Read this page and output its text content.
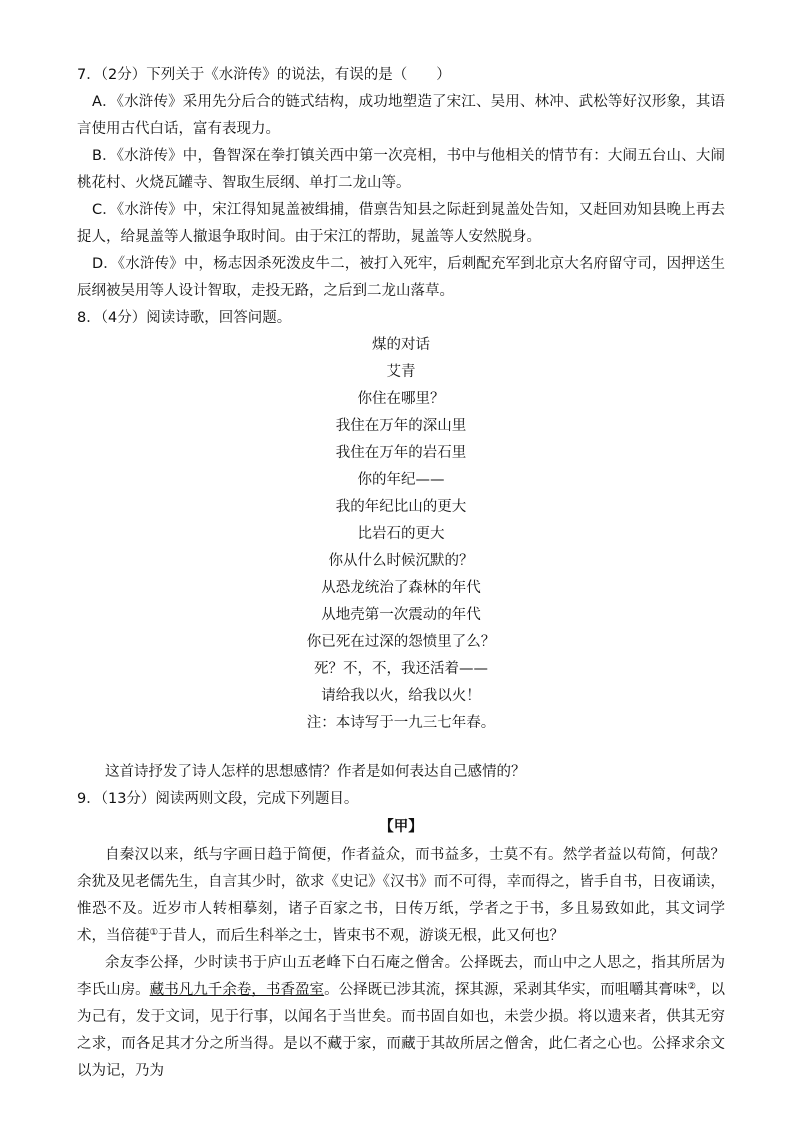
7．（2分）下列关于《水浒传》的说法，有误的是（　　）

A．《水浒传》采用先分后合的链式结构，成功地塑造了宋江、吴用、林冲、武松等好汉形象，其语言使用古代白话，富有表现力。

B．《水浒传》中，鲁智深在拳打镇关西中第一次亮相，书中与他相关的情节有：大闹五台山、大闹桃花村、火烧瓦罐寺、智取生辰纲、单打二龙山等。

C．《水浒传》中，宋江得知晁盖被缉捕，借禀告知县之际赶到晁盖处告知，又赶回劝知县晚上再去捉人，给晁盖等人撤退争取时间。由于宋江的帮助，晁盖等人安然脱身。

D．《水浒传》中，杨志因杀死泼皮牛二，被打入死牢，后刺配充军到北京大名府留守司，因押送生辰纲被吴用等人设计智取，走投无路，之后到二龙山落草。

8．（4分）阅读诗歌，回答问题。

煤的对话

艾青

你住在哪里？

我住在万年的深山里

我住在万年的岩石里

你的年纪——

我的年纪比山的更大

比岩石的更大

你从什么时候沉默的？

从恐龙统治了森林的年代

从地壳第一次震动的年代

你已死在过深的怨愤里了么？

死？不，不，我还活着——

请给我以火，给我以火！

注：本诗写于一九三七年春。

这首诗抒发了诗人怎样的思想感情？作者是如何表达自己感情的？

9．（13分）阅读两则文段，完成下列题目。

【甲】

自秦汉以来，纸与字画日趋于简便，作者益众，而书益多，士莫不有。然学者益以苟简，何哉？余犹及见老儒先生，自言其少时，欲求《史记》《汉书》而不可得，幸而得之，皆手自书，日夜诵读，惟恐不及。近岁市人转相摹刻，诸子百家之书，日传万纸，学者之于书，多且易致如此，其文词学术，当倍蓰①于昔人，而后生科举之士，皆束书不观，游谈无根，此又何也？

余友李公择，少时读书于庐山五老峰下白石庵之僧舍。公择既去，而山中之人思之，指其所居为李氏山房。藏书凡九千余卷，书香盈室。公择既已涉其流，探其源，采剥其华实，而咀嚼其膏味②，以为己有，发于文词，见于行事，以闻名于当世矣。而书固自如也，未尝少损。将以遗来者，供其无穷之求，而各足其才分之所当得。是以不藏于家，而藏于其故所居之僧舍，此仁者之心也。公择求余文以为记，乃为
